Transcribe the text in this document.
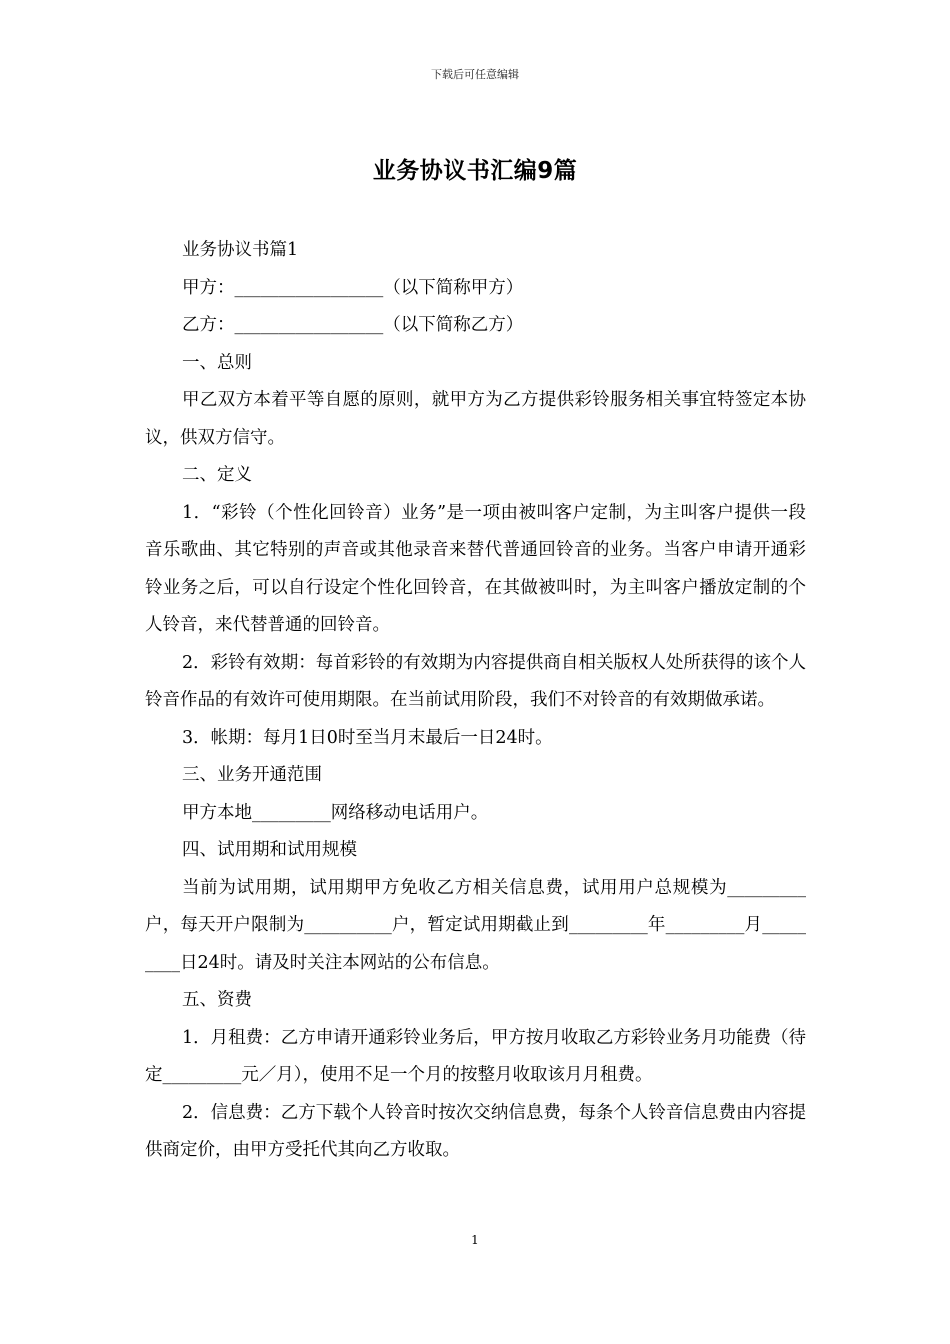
下载后可任意编辑
业务协议书汇编9篇

业务协议书篇1

甲方：_________________（以下简称甲方）

乙方：_________________（以下简称乙方）

一、总则

甲乙双方本着平等自愿的原则，就甲方为乙方提供彩铃服务相关事宜特签定本协议，供双方信守。

二、定义

1．“彩铃（个性化回铃音）业务”是一项由被叫客户定制，为主叫客户提供一段音乐歌曲、其它特别的声音或其他录音来替代普通回铃音的业务。当客户申请开通彩铃业务之后，可以自行设定个性化回铃音，在其做被叫时，为主叫客户播放定制的个人铃音，来代替普通的回铃音。

2．彩铃有效期：每首彩铃的有效期为内容提供商自相关版权人处所获得的该个人铃音作品的有效许可使用期限。在当前试用阶段，我们不对铃音的有效期做承诺。

3．帐期：每月1日0时至当月末最后一日24时。

三、业务开通范围

甲方本地_________网络移动电话用户。

四、试用期和试用规模

当前为试用期，试用期甲方免收乙方相关信息费，试用用户总规模为_________户，每天开户限制为__________户，暂定试用期截止到_________年_________月_________日24时。请及时关注本网站的公布信息。

五、资费

1．月租费：乙方申请开通彩铃业务后，甲方按月收取乙方彩铃业务月功能费（待定_________元／月），使用不足一个月的按整月收取该月月租费。

2．信息费：乙方下载个人铃音时按次交纳信息费，每条个人铃音信息费由内容提供商定价，由甲方受托代其向乙方收取。

1
